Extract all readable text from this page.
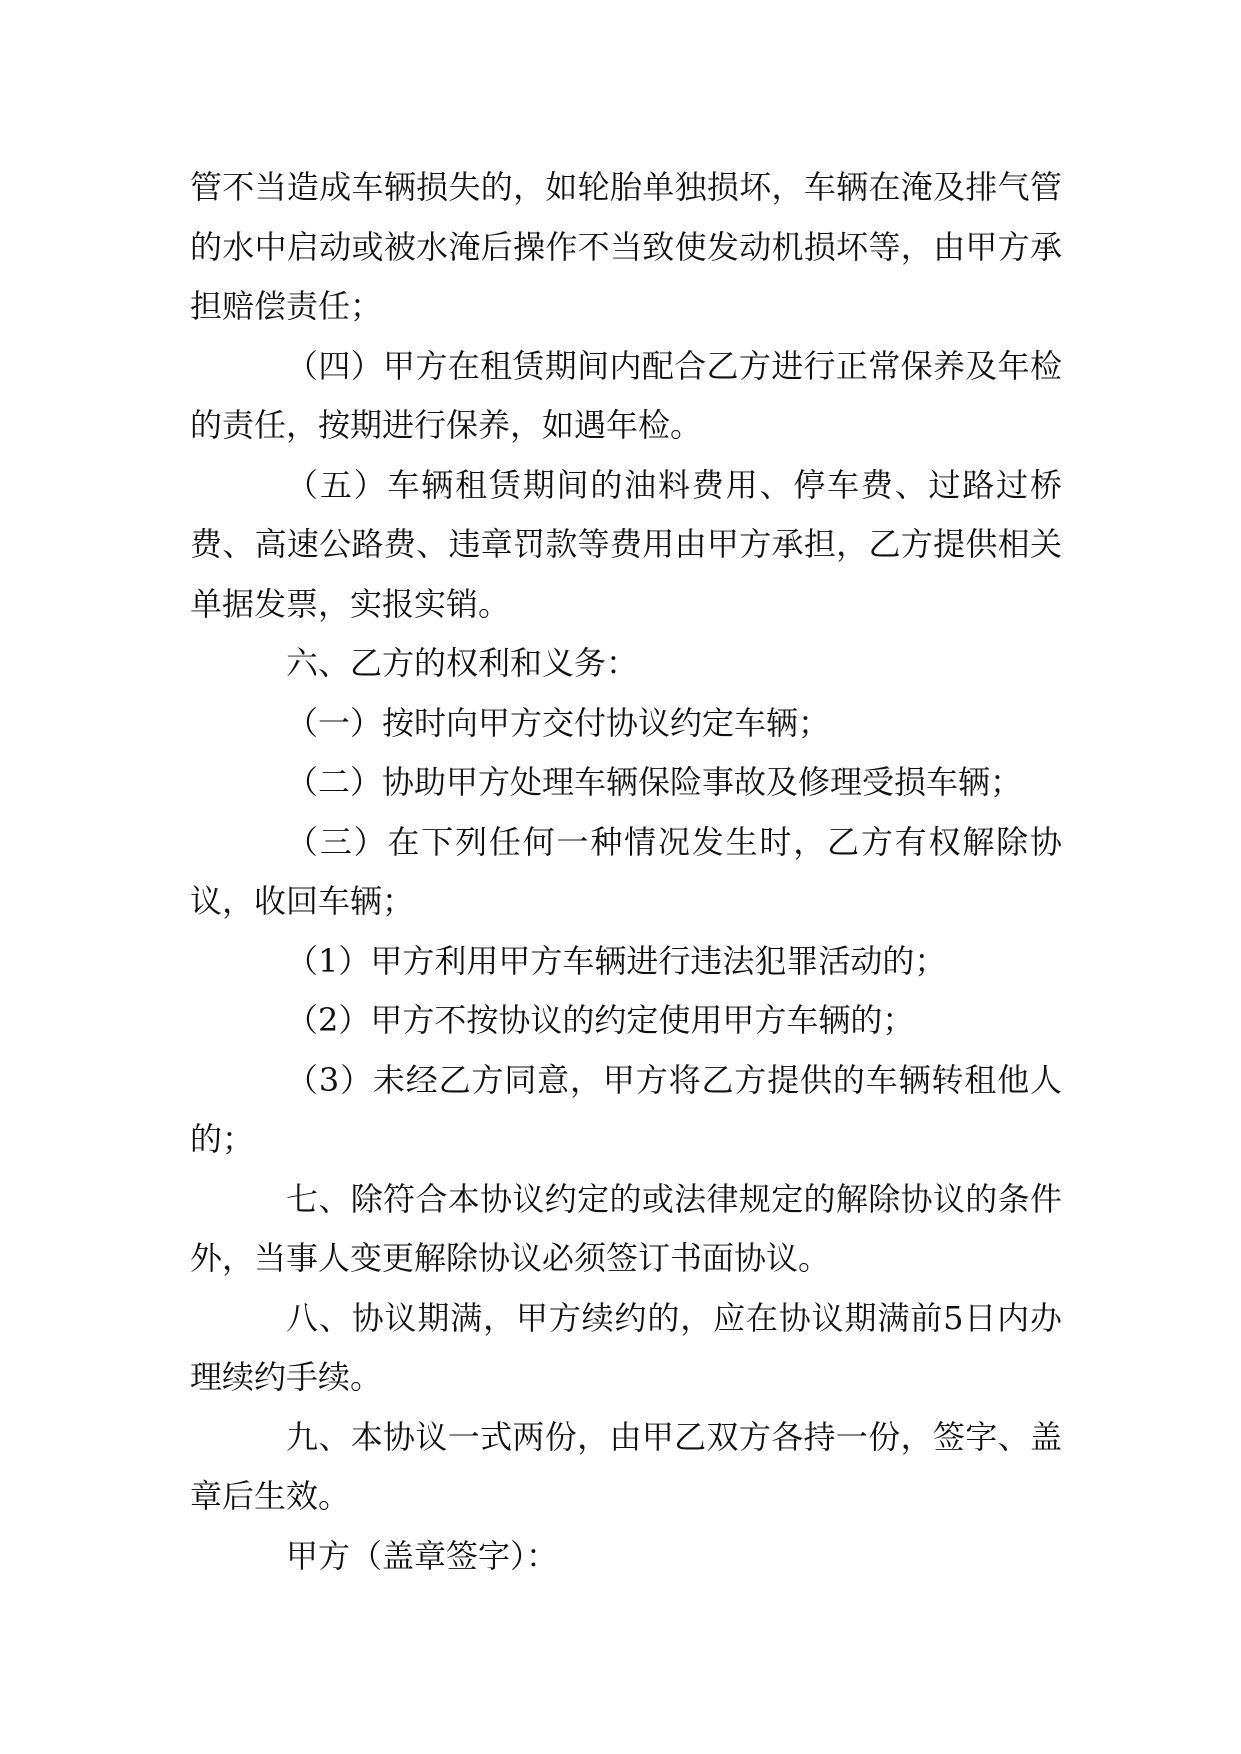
管不当造成车辆损失的，如轮胎单独损坏，车辆在淹及排气管的水中启动或被水淹后操作不当致使发动机损坏等，由甲方承担赔偿责任；

（四）甲方在租赁期间内配合乙方进行正常保养及年检的责任，按期进行保养，如遇年检。

（五）车辆租赁期间的油料费用、停车费、过路过桥费、高速公路费、违章罚款等费用由甲方承担，乙方提供相关单据发票，实报实销。

六、乙方的权利和义务：

（一）按时向甲方交付协议约定车辆；

（二）协助甲方处理车辆保险事故及修理受损车辆；

（三）在下列任何一种情况发生时，乙方有权解除协议，收回车辆；

（1）甲方利用甲方车辆进行违法犯罪活动的；

（2）甲方不按协议的约定使用甲方车辆的；

（3）未经乙方同意，甲方将乙方提供的车辆转租他人的；

七、除符合本协议约定的或法律规定的解除协议的条件外，当事人变更解除协议必须签订书面协议。

八、协议期满，甲方续约的，应在协议期满前5日内办理续约手续。

九、本协议一式两份，由甲乙双方各持一份，签字、盖章后生效。

甲方（盖章签字）：
